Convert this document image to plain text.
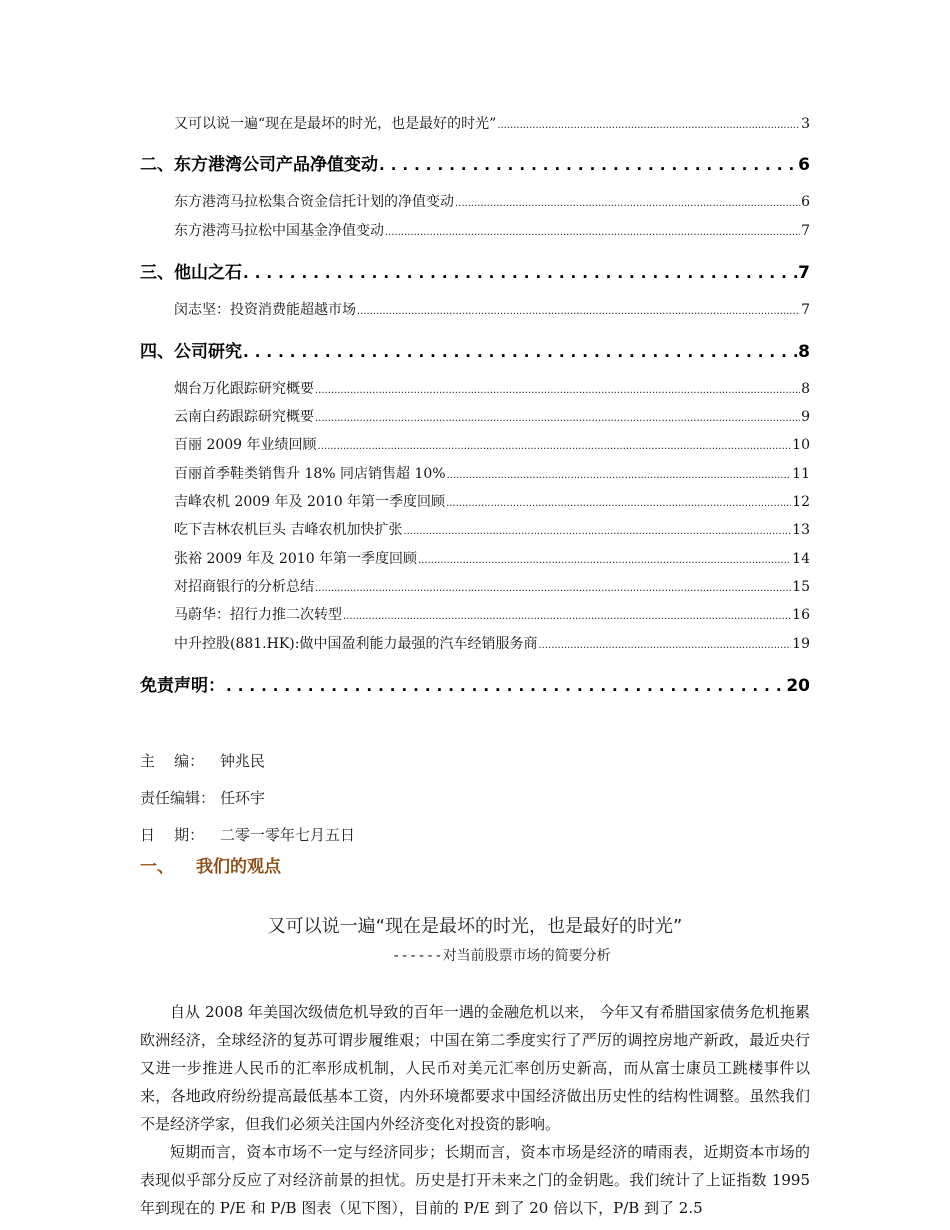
又可以说一遍“现在是最坏的时光，也是最好的时光” .....	3
二、东方港湾公司产品净值变动 .....	6
东方港湾马拉松集合资金信托计划的净值变动 .....	6
东方港湾马拉松中国基金净值变动 .....	7
三、他山之石 .....	7
闵志坚：投资消费能超越市场 .....	7
四、公司研究 .....	8
烟台万化跟踪研究概要 .....	8
云南白药跟踪研究概要 .....	9
百丽 2009 年业绩回顾 .....	10
百丽首季鞋类销售升 18% 同店销售超 10% .....	11
吉峰农机 2009 年及 2010 年第一季度回顾 .....	12
吃下吉林农机巨头 吉峰农机加快扩张 .....	13
张裕 2009 年及 2010 年第一季度回顾 .....	14
对招商银行的分析总结 .....	15
马蔚华：招行力推二次转型 .....	16
中升控股(881.HK):做中国盈利能力最强的汽车经销服务商 .....	19
免责声明： .....	20
主    编： 钟兆民
责任编辑： 任环宇
日    期： 二零一零年七月五日
一、 我们的观点
又可以说一遍“现在是最坏的时光，也是最好的时光”
------对当前股票市场的简要分析

自从 2008 年美国次级债危机导致的百年一遇的金融危机以来， 今年又有希腊国家债务危机拖累欧洲经济，全球经济的复苏可谓步履维艰；中国在第二季度实行了严厉的调控房地产新政，最近央行又进一步推进人民币的汇率形成机制，人民币对美元汇率创历史新高，而从富士康员工跳楼事件以来，各地政府纷纷提高最低基本工资，内外环境都要求中国经济做出历史性的结构性调整。虽然我们不是经济学家，但我们必须关注国内外经济变化对投资的影响。

短期而言，资本市场不一定与经济同步；长期而言，资本市场是经济的晴雨表，近期资本市场的表现似乎部分反应了对经济前景的担忧。历史是打开未来之门的金钥匙。我们统计了上证指数 1995 年到现在的 P/E 和 P/B 图表（见下图），目前的 P/E 到了 20 倍以下，P/B 到了 2.5
